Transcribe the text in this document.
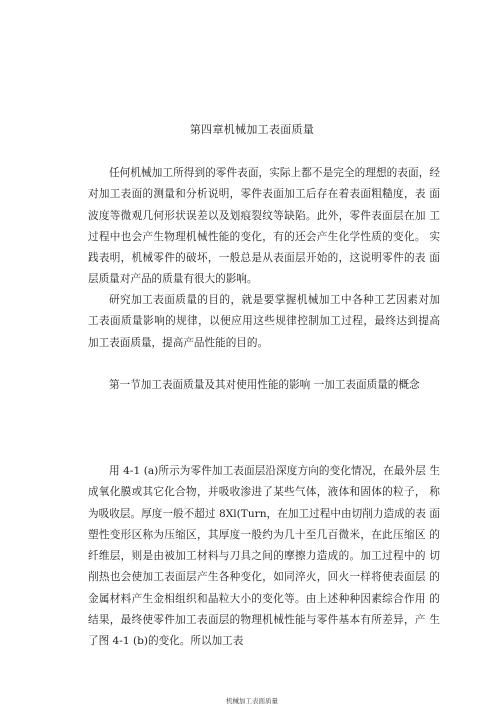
第四章机械加工表面质量

任何机械加工所得到的零件表面，实际上都不是完全的理想的表面，经对加工表面的测量和分析说明，零件表面加工后存在着表面粗糙度，表 面波度等微观几何形状误差以及划痕裂纹等缺陷。此外，零件表面层在加 工过程中也会产生物理机械性能的变化，有的还会产生化学性质的变化。 实践表明，机械零件的破坏，一般总是从表面层开始的，这说明零件的表 面层质量对产品的质量有很大的影响。

研究加工表面质量的目的，就是要掌握机械加工中各种工艺因素对加 工表面质量影响的规律，以便应用这些规律控制加工过程，最终达到提高 加工表面质量，提高产品性能的目的。

第一节加工表面质量及其对使用性能的影响 一加工表面质量的概念

用 4-1 (a)所示为零件加工表面层沿深度方向的变化情况，在最外层 生成氧化膜或其它化合物，并吸收渗进了某些气体，液体和固体的粒子， 称为吸收层。厚度一般不超过 8Xl(Turn，在加工过程中由切削力造成的表 面塑性变形区称为压缩区，其厚度一般约为几十至几百微米，在此压缩区 的纤维层，则是由被加工材料与刀具之间的摩擦力造成的。加工过程中的 切削热也会使加工表面层产生各种变化，如同淬火，回火一样将使表面层 的金属材料产生金相组织和晶粒大小的变化等。由上述种种因素综合作用 的结果，最终使零件加工表面层的物理机械性能与零件基本有所差异，产 生了图 4-1 (b)的变化。所以加工表

机械加工表面质量
